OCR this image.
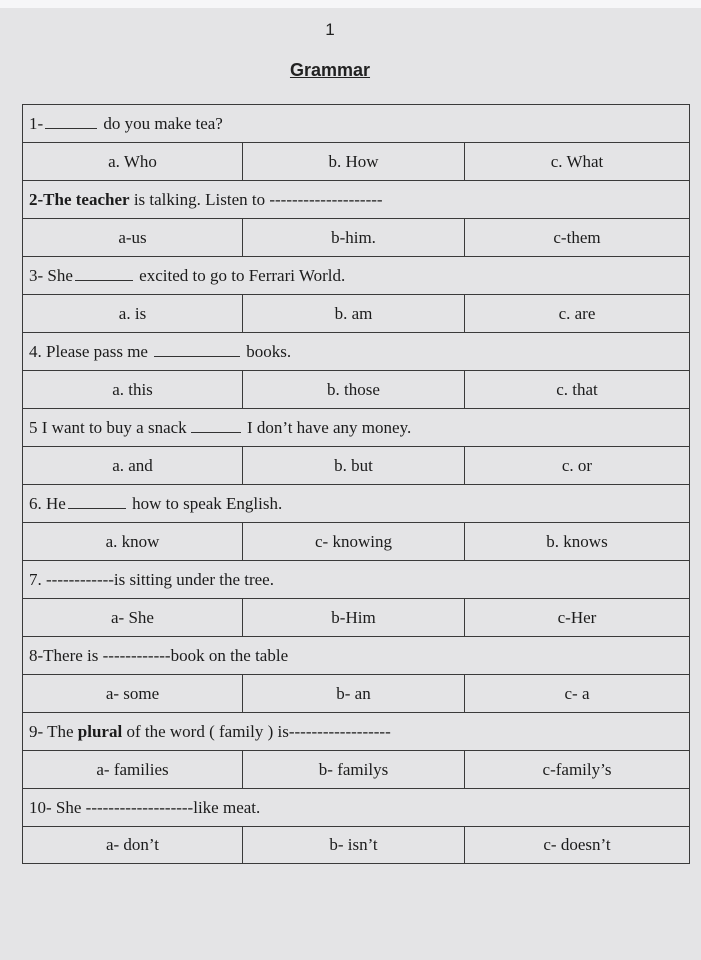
1
Grammar
1-	do you make tea?
a. Who	b. How	c. What
2-The teacher is talking. Listen to --------------------
a-us	b-him.	c-them
3- She	excited to go to Ferrari World.
a. is	b. am	c. are
4. Please pass me	books.
a. this	b. those	c. that
5 I want to buy a snack	I don’t have any money.
a. and	b. but	c. or
6. He	how to speak English.
a. know	c- knowing	b. knows
7. ------------is sitting under the tree.
a- She	b-Him	c-Her
8-There is ------------book on the table
a- some	b- an	c- a
9- The plural of the word ( family ) is------------------
a- families	b- familys	c-family’s
10- She -------------------like meat.
a- don’t	b- isn’t	c- doesn’t
